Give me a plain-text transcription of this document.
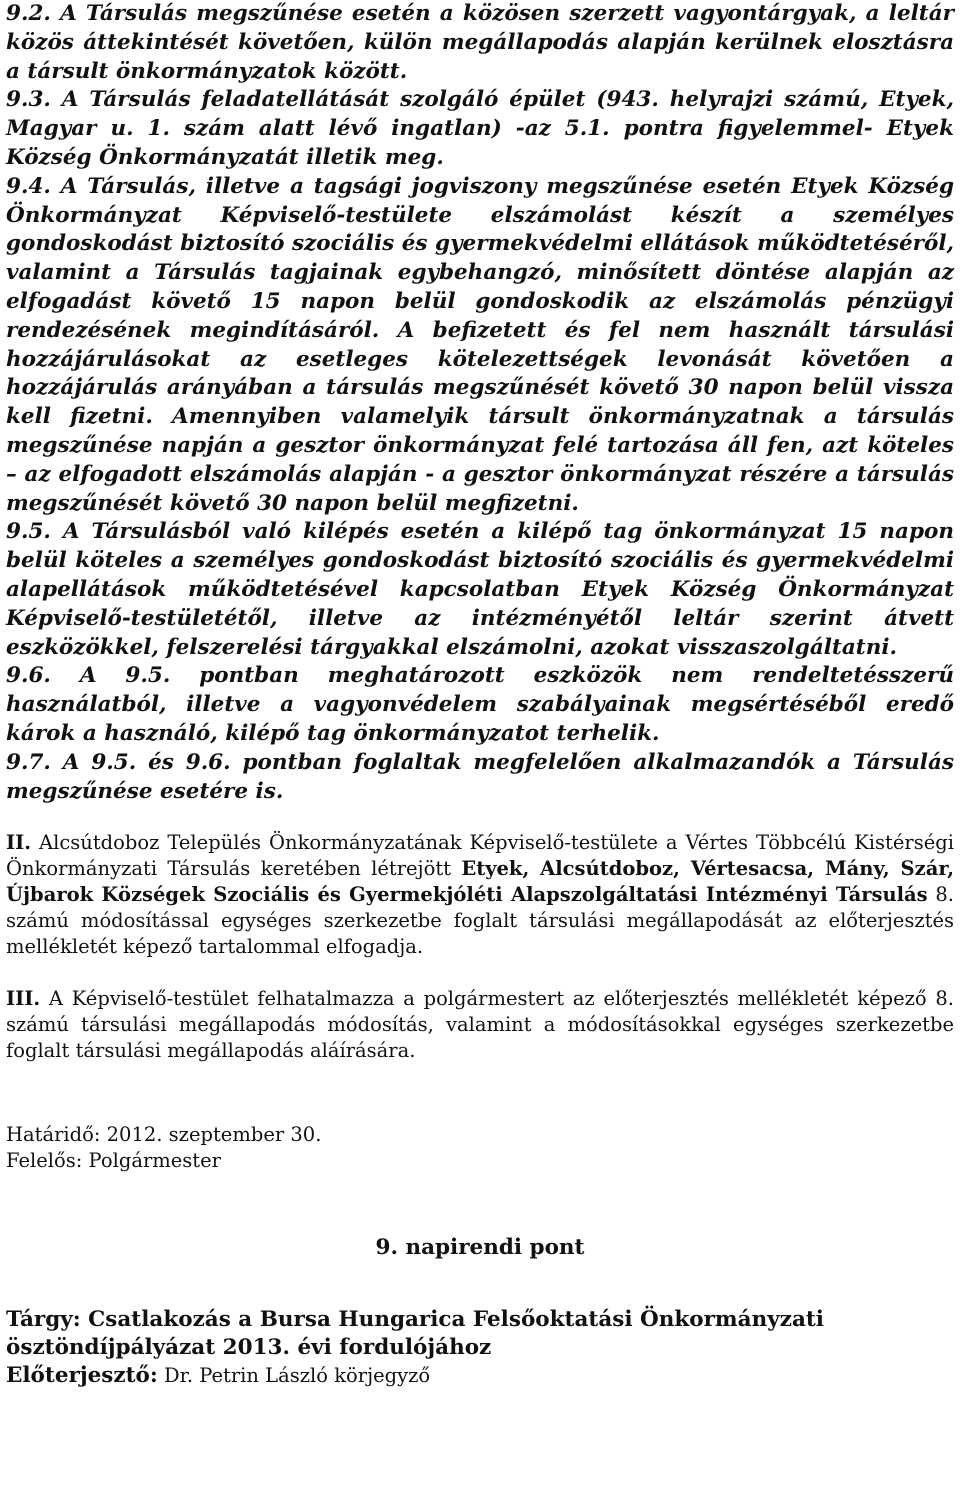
9.2. A Társulás megszűnése esetén a közösen szerzett vagyontárgyak, a leltár közös áttekintését követően, külön megállapodás alapján kerülnek elosztásra a társult önkormányzatok között.

9.3. A Társulás feladatellátását szolgáló épület (943. helyrajzi számú, Etyek, Magyar u. 1. szám alatt lévő ingatlan) -az 5.1. pontra figyelemmel- Etyek Község Önkormányzatát illetik meg.

9.4. A Társulás, illetve a tagsági jogviszony megszűnése esetén Etyek Község Önkormányzat Képviselő-testülete elszámolást készít a személyes gondoskodást biztosító szociális és gyermekvédelmi ellátások működtetéséről, valamint a Társulás tagjainak egybehangzó, minősített döntése alapján az elfogadást követő 15 napon belül gondoskodik az elszámolás pénzügyi rendezésének megindításáról. A befizetett és fel nem használt társulási hozzájárulásokat az esetleges kötelezettségek levonását követően a hozzájárulás arányában a társulás megszűnését követő 30 napon belül vissza kell fizetni. Amennyiben valamelyik társult önkormányzatnak a társulás megszűnése napján a gesztor önkormányzat felé tartozása áll fen, azt köteles – az elfogadott elszámolás alapján - a gesztor önkormányzat részére a társulás megszűnését követő 30 napon belül megfizetni.

9.5. A Társulásból való kilépés esetén a kilépő tag önkormányzat 15 napon belül köteles a személyes gondoskodást biztosító szociális és gyermekvédelmi alapellátások működtetésével kapcsolatban Etyek Község Önkormányzat Képviselő-testületétől, illetve az intézményétől leltár szerint átvett eszközökkel, felszerelési tárgyakkal elszámolni, azokat visszaszolgáltatni.

9.6. A 9.5. pontban meghatározott eszközök nem rendeltetésszerű használatból, illetve a vagyonvédelem szabályainak megsértéséből eredő károk a használó, kilépő tag önkormányzatot terhelik.

9.7. A 9.5. és 9.6. pontban foglaltak megfelelően alkalmazandók a Társulás megszűnése esetére is.

II. Alcsútdoboz Település Önkormányzatának Képviselő-testülete a Vértes Többcélú Kistérségi Önkormányzati Társulás keretében létrejött Etyek, Alcsútdoboz, Vértesacsa, Mány, Szár, Újbarok Községek Szociális és Gyermekjóléti Alapszolgáltatási Intézményi Társulás 8. számú módosítással egységes szerkezetbe foglalt társulási megállapodását az előterjesztés mellékletét képező tartalommal elfogadja.

III. A Képviselő-testület felhatalmazza a polgármestert az előterjesztés mellékletét képező 8. számú társulási megállapodás módosítás, valamint a módosításokkal egységes szerkezetbe foglalt társulási megállapodás aláírására.

Határidő: 2012. szeptember 30.
Felelős: Polgármester
9. napirendi pont
Tárgy: Csatlakozás a Bursa Hungarica Felsőoktatási Önkormányzati ösztöndíjpályázat 2013. évi fordulójához
Előterjesztő: Dr. Petrin László körjegyző
